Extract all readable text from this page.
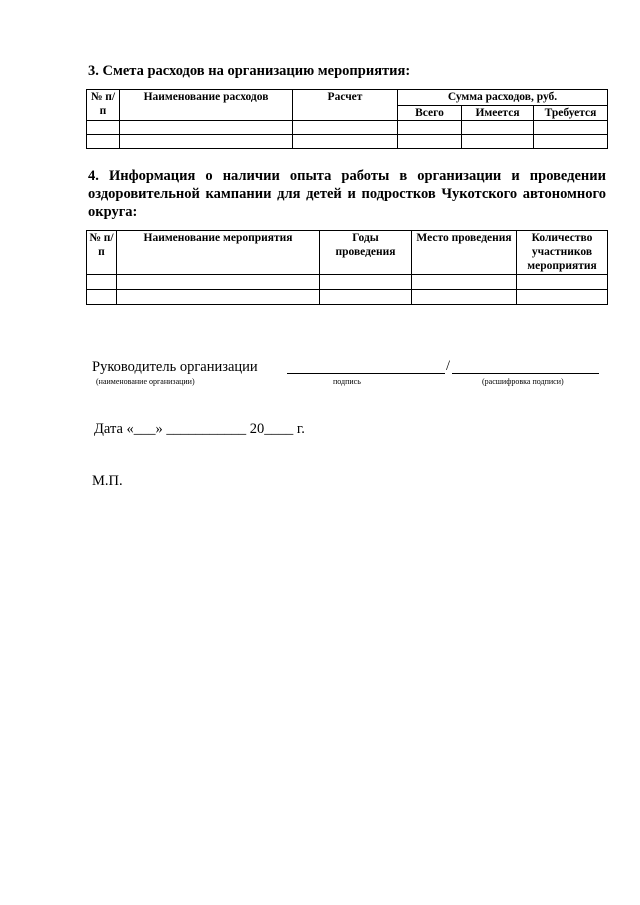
3. Смета расходов на организацию мероприятия:

№ п/п	Наименование расходов	Расчет	Сумма расходов, руб.		
			Всего	Имеется	Требуется

4. Информация о наличии опыта работы в организации и проведении оздоровительной кампании для детей и подростков Чукотского автономного округа:

№ п/п	Наименование мероприятия	Годы проведения	Место проведения	Количество участников мероприятия

Руководитель организации	/
(наименование организации)	подпись	(расшифровка подписи)
Дата «___» ___________ 20____ г.
М.П.
